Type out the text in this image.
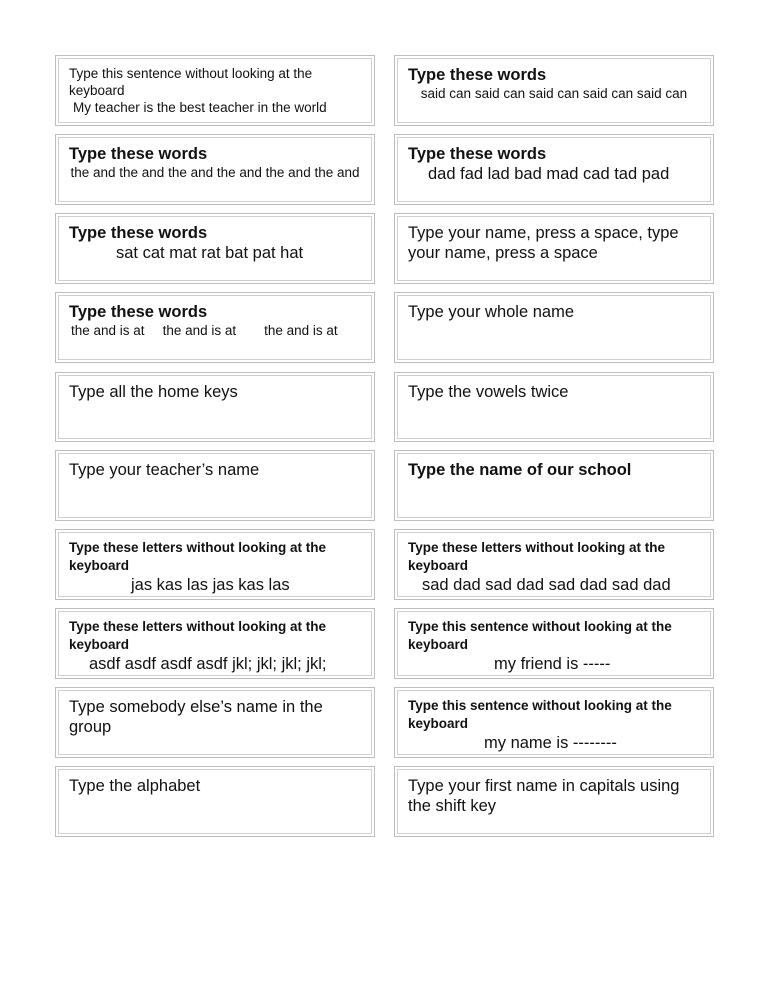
Type this sentence without looking at the keyboard
My teacher is the best teacher in the world
Type these words
said can said can said can said can said can
Type these words
the and the and the and the and the and the and
Type these words
dad fad lad bad mad cad tad pad
Type these words
sat cat mat rat bat pat hat
Type your name, press a space, type your name, press a space
Type these words
the and is at the and is at the and is at
Type your whole name
Type all the home keys	Type the vowels twice
Type your teacher’s name	Type the name of our school
Type these letters without looking at the keyboard
jas kas las jas kas las
Type these letters without looking at the keyboard
sad dad sad dad sad dad sad dad
Type these letters without looking at the keyboard
asdf asdf asdf asdf jkl; jkl; jkl; jkl;
Type this sentence without looking at the keyboard
my friend is -----
Type somebody else’s name in the group
Type this sentence without looking at the keyboard
my name is --------
Type the alphabet	Type your first name in capitals using the shift key
